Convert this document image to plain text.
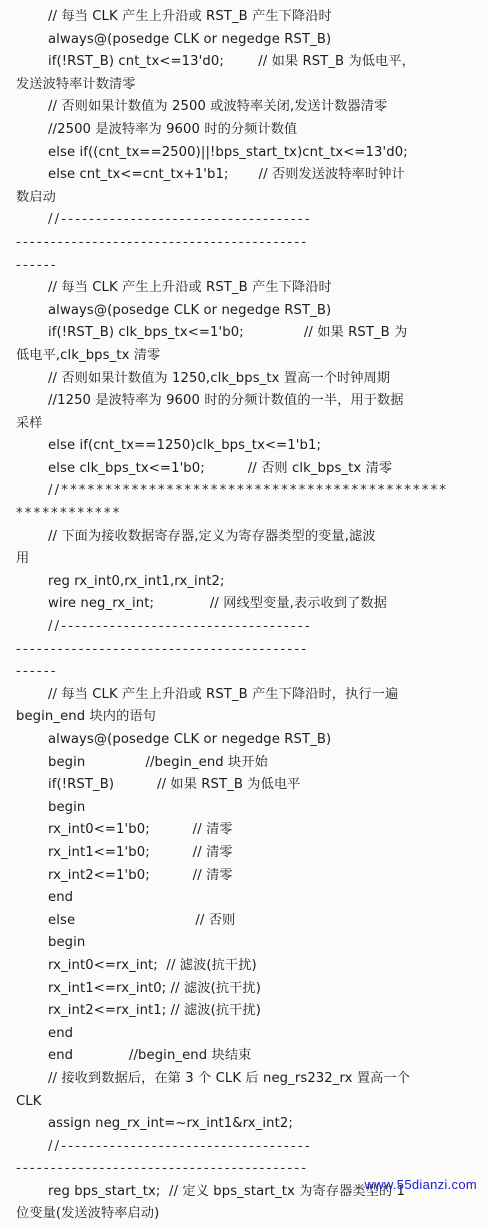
// 每当 CLK 产生上升沿或 RST_B 产生下降沿时
always@(posedge CLK or negedge RST_B)
if(!RST_B) cnt_tx<=13'd0;        // 如果 RST_B 为低电平，
发送波特率计数清零
// 否则如果计数值为 2500 或波特率关闭,发送计数器清零
//2500 是波特率为 9600 时的分频计数值
else if((cnt_tx==2500)||!bps_start_tx)cnt_tx<=13'd0;
else cnt_tx<=cnt_tx+1'b1;       // 否则发送波特率时钟计
数启动
//------------------------------------
------------------------------------------
------
// 每当 CLK 产生上升沿或 RST_B 产生下降沿时
always@(posedge CLK or negedge RST_B)
if(!RST_B) clk_bps_tx<=1'b0;              // 如果 RST_B 为
低电平,clk_bps_tx 清零
// 否则如果计数值为 1250,clk_bps_tx 置高一个时钟周期
//1250 是波特率为 9600 时的分频计数值的一半，用于数据
采样
else if(cnt_tx==1250)clk_bps_tx<=1'b1;
else clk_bps_tx<=1'b0;          // 否则 clk_bps_tx 清零
//********************************************
************
// 下面为接收数据寄存器,定义为寄存器类型的变量,滤波
用
reg rx_int0,rx_int1,rx_int2;
wire neg_rx_int;             // 网线型变量,表示收到了数据
//------------------------------------
------------------------------------------
------
// 每当 CLK 产生上升沿或 RST_B 产生下降沿时，执行一遍
begin_end 块内的语句
always@(posedge CLK or negedge RST_B)
begin              //begin_end 块开始
if(!RST_B)          // 如果 RST_B 为低电平
begin
rx_int0<=1'b0;          // 清零
rx_int1<=1'b0;          // 清零
rx_int2<=1'b0;          // 清零
end
else                            // 否则
begin
rx_int0<=rx_int;  // 滤波(抗干扰)
rx_int1<=rx_int0; // 滤波(抗干扰)
rx_int2<=rx_int1; // 滤波(抗干扰)
end
end             //begin_end 块结束
// 接收到数据后，在第 3 个 CLK 后 neg_rs232_rx 置高一个
CLK
assign neg_rx_int=~rx_int1&rx_int2;
//------------------------------------
------------------------------------------
reg bps_start_tx;  // 定义 bps_start_tx 为寄存器类型的 1
位变量(发送波特率启动)
www.55dianzi.com
